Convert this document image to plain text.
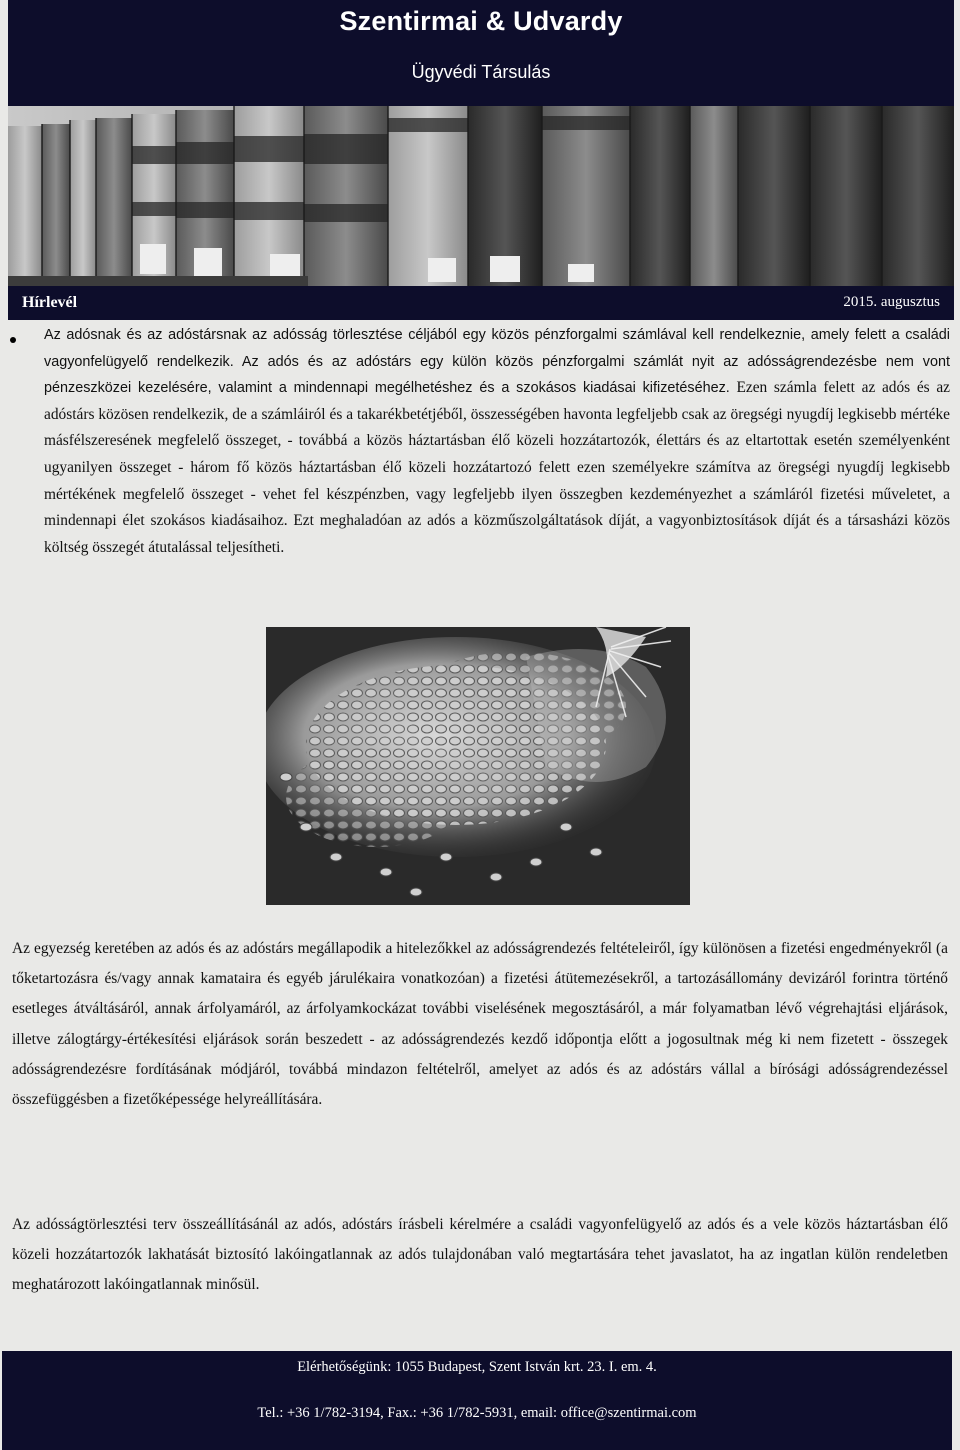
Szentirmai & Udvardy
Ügyvédi Társulás
Hírlevél	2015. augusztus

Az adósnak és az adóstársnak az adósság törlesztése céljából egy közös pénzforgalmi számlával kell rendelkeznie, amely felett a családi vagyonfelügyelő rendelkezik. Az adós és az adóstárs egy külön közös pénzforgalmi számlát nyit az adósságrendezésbe nem vont pénzeszközei kezelésére, valamint a mindennapi megélhetéshez és a szokásos kiadásai kifizetéséhez. Ezen számla felett az adós és az adóstárs közösen rendelkezik, de a számláiról és a takarékbetétjéből, összességében havonta legfeljebb csak az öregségi nyugdíj legkisebb mértéke másfélszeresének megfelelő összeget, - továbbá a közös háztartásban élő közeli hozzátartozók, élettárs és az eltartottak esetén személyenként ugyanilyen összeget - három fő közös háztartásban élő közeli hozzátartozó felett ezen személyekre számítva az öregségi nyugdíj legkisebb mértékének megfelelő összeget - vehet fel készpénzben, vagy legfeljebb ilyen összegben kezdeményezhet a számláról fizetési műveletet, a mindennapi élet szokásos kiadásaihoz. Ezt meghaladóan az adós a közműszolgáltatások díját, a vagyonbiztosítások díját és a társasházi közös költség összegét átutalással teljesítheti.

Az egyezség keretében az adós és az adóstárs megállapodik a hitelezőkkel az adósságrendezés feltételeiről, így különösen a fizetési engedményekről (a tőketartozásra és/vagy annak kamataira és egyéb járulékaira vonatkozóan) a fizetési átütemezésekről, a tartozásállomány devizáról forintra történő esetleges átváltásáról, annak árfolyamáról, az árfolyamkockázat további viselésének megosztásáról, a már folyamatban lévő végrehajtási eljárások, illetve zálogtárgy-értékesítési eljárások során beszedett - az adósságrendezés kezdő időpontja előtt a jogosultnak még ki nem fizetett - összegek adósságrendezésre fordításának módjáról, továbbá mindazon feltételről, amelyet az adós és az adóstárs vállal a bírósági adósságrendezéssel összefüggésben a fizetőképessége helyreállítására.

Az adósságtörlesztési terv összeállításánál az adós, adóstárs írásbeli kérelmére a családi vagyonfelügyelő az adós és a vele közös háztartásban élő közeli hozzátartozók lakhatását biztosító lakóingatlannak az adós tulajdonában való megtartására tehet javaslatot, ha az ingatlan külön rendeletben meghatározott lakóingatlannak minősül.

Elérhetőségünk: 1055 Budapest, Szent István krt. 23. I. em. 4.
Tel.: +36 1/782-3194, Fax.: +36 1/782-5931, email: office@szentirmai.com
